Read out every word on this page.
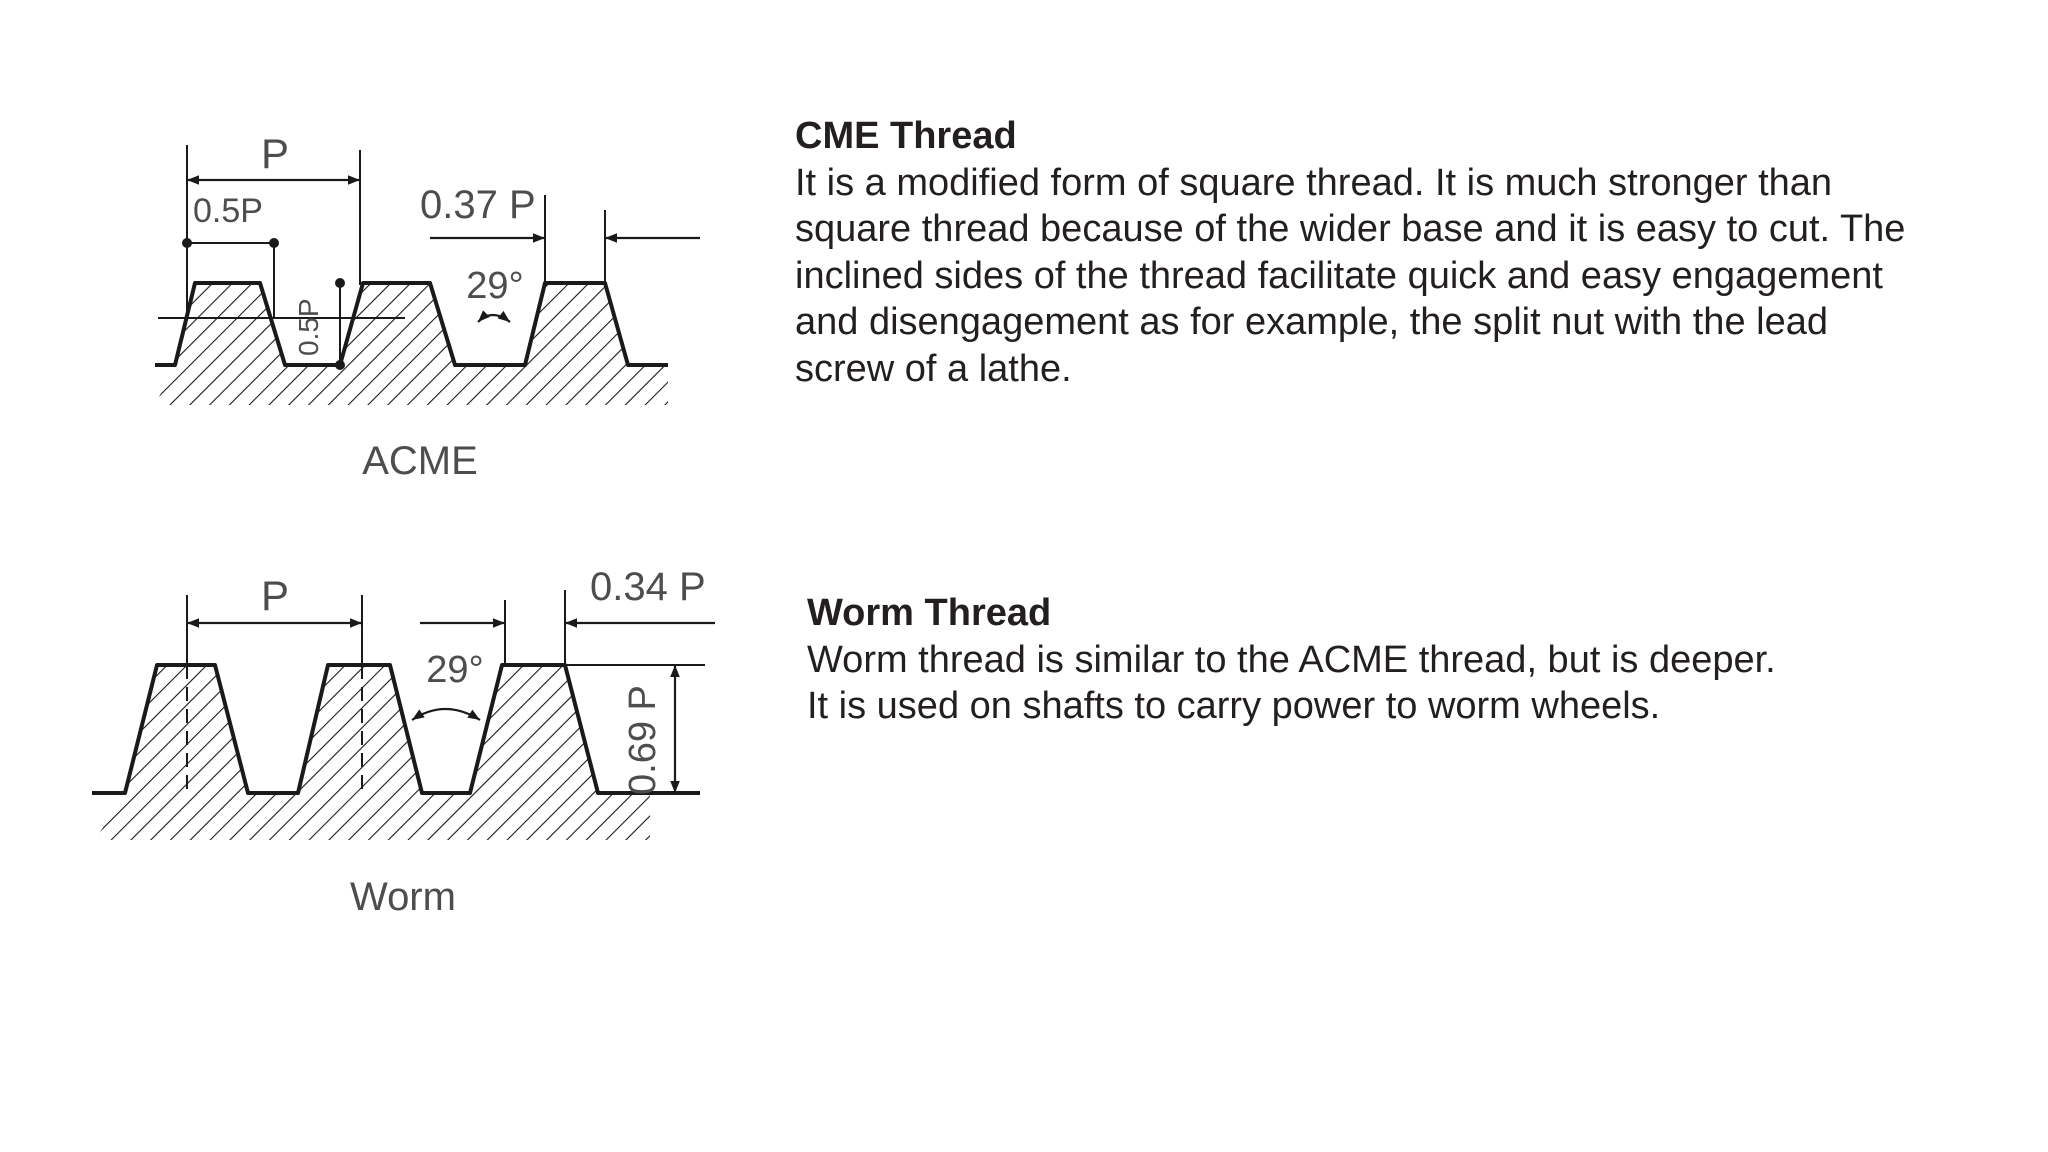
P
0.5P	0.37 P
29°
0.5P
ACME
P	0.34 P
29°
0.69 P
Worm
CME Thread
It is a modified form of square thread. It is much stronger than
square thread because of the wider base and it is easy to cut. The
inclined sides of the thread facilitate quick and easy engagement
and disengagement as for example, the split nut with the lead
screw of a lathe.
Worm Thread
Worm thread is similar to the ACME thread, but is deeper.
It is used on shafts to carry power to worm wheels.
